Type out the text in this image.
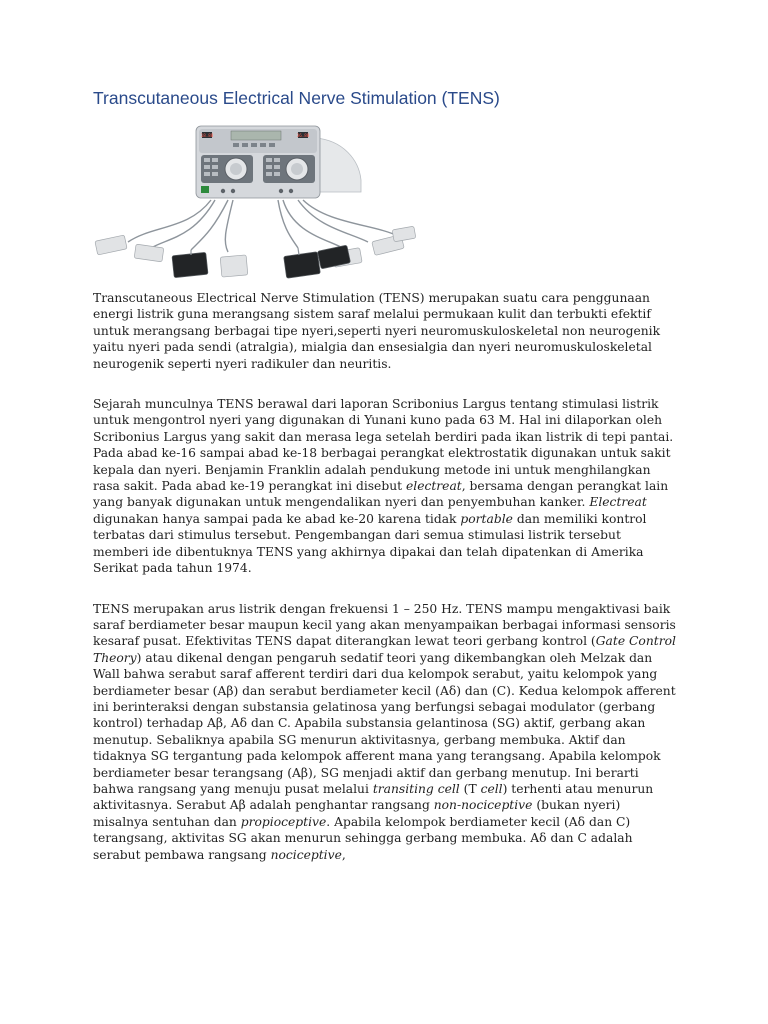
Transcutaneous Electrical Nerve Stimulation (TENS)
18.88	36.88

Transcutaneous Electrical Nerve Stimulation (TENS) merupakan suatu cara penggunaan energi listrik guna merangsang sistem saraf melalui permukaan kulit dan terbukti efektif untuk merangsang berbagai tipe nyeri,seperti nyeri neuromuskuloskeletal non neurogenik yaitu nyeri pada sendi (atralgia), mialgia dan ensesialgia dan nyeri neuromuskuloskeletal neurogenik seperti nyeri radikuler dan neuritis.

Sejarah munculnya TENS berawal dari laporan Scribonius Largus tentang stimulasi listrik untuk mengontrol nyeri yang digunakan di Yunani kuno pada 63 M. Hal ini dilaporkan oleh Scribonius Largus yang sakit dan merasa lega setelah berdiri pada ikan listrik di tepi pantai. Pada abad ke-16 sampai abad ke-18 berbagai perangkat elektrostatik digunakan untuk sakit kepala dan nyeri. Benjamin Franklin adalah pendukung metode ini untuk menghilangkan rasa sakit. Pada abad ke-19 perangkat ini disebut electreat, bersama dengan perangkat lain yang banyak digunakan untuk mengendalikan nyeri dan penyembuhan kanker. Electreat digunakan hanya sampai pada ke abad ke-20 karena tidak portable dan memiliki kontrol terbatas dari stimulus tersebut. Pengembangan dari semua stimulasi listrik tersebut memberi ide dibentuknya TENS yang akhirnya dipakai dan telah dipatenkan di Amerika Serikat pada tahun 1974.

TENS merupakan arus listrik dengan frekuensi 1 – 250 Hz. TENS mampu mengaktivasi baik saraf berdiameter besar maupun kecil yang akan menyampaikan berbagai informasi sensoris kesaraf pusat. Efektivitas TENS dapat diterangkan lewat teori gerbang kontrol (Gate Control Theory) atau dikenal dengan pengaruh sedatif teori yang dikembangkan oleh Melzak dan Wall bahwa serabut saraf afferent terdiri dari dua kelompok serabut, yaitu kelompok yang berdiameter besar (Aβ) dan serabut berdiameter kecil (Aδ) dan (C). Kedua kelompok afferent ini berinteraksi dengan substansia gelatinosa yang berfungsi sebagai modulator (gerbang kontrol) terhadap Aβ, Aδ dan C. Apabila substansia gelantinosa (SG) aktif, gerbang akan menutup. Sebaliknya apabila SG menurun aktivitasnya, gerbang membuka. Aktif dan tidaknya SG tergantung pada kelompok afferent mana yang terangsang. Apabila kelompok berdiameter besar terangsang (Aβ), SG menjadi aktif dan gerbang menutup. Ini berarti bahwa rangsang yang menuju pusat melalui transiting cell (T cell) terhenti atau menurun aktivitasnya. Serabut Aβ adalah penghantar rangsang non-nociceptive (bukan nyeri) misalnya sentuhan dan propioceptive. Apabila kelompok berdiameter kecil (Aδ dan C) terangsang, aktivitas SG akan menurun sehingga gerbang membuka. Aδ dan C adalah serabut pembawa rangsang nociceptive,
